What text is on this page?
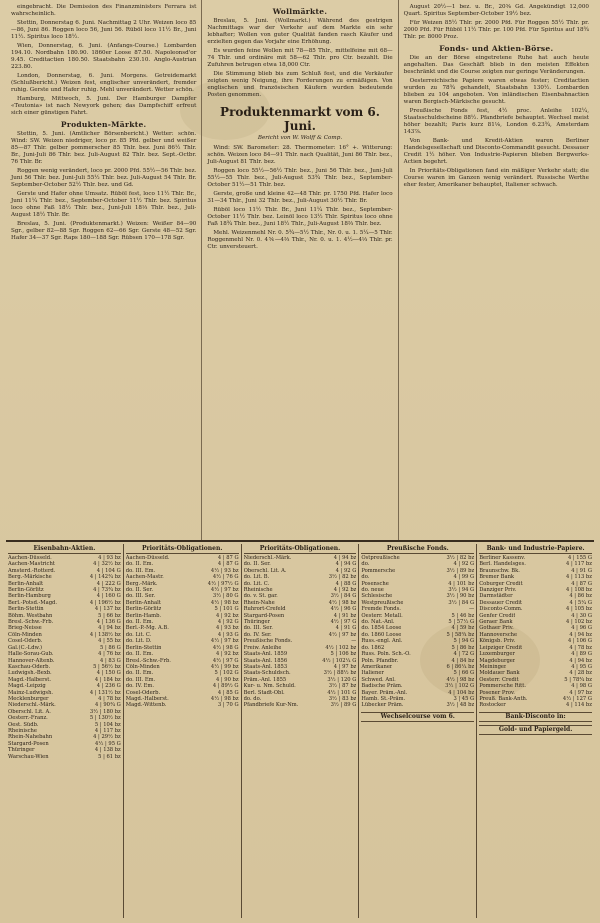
eingebracht. Die Demission des Finanzministers Ferrara ist wahrscheinlich.

Stettin, Donnerstag 6. Juni. Nachmittag 2 Uhr. Weizen loco 85—86, Juni 86. Roggen loco 56, Juni 56. Rüböl loco 11½ Br., Juni 11½. Spiritus loco 18½.

Wien, Donnerstag, 6. Juni. (Anfangs-Course.) Lombarden 194.10. Nordbahn 180.90. 1860er Loose 87.50. Napoleonsd'or 9.45. Creditactien 180.50. Staatsbahn 230.10. Anglo-Austrian 223.80.

London, Donnerstag, 6. Juni. Morgens. Getreidemarkt (Schlußbericht.) Weizen fest, englischer unverändert, fremder ruhig. Gerste und Hafer ruhig. Mehl unverändert. Wetter schön.

Hamburg, Mittwoch, 5. Juni. Der Hamburger Dampfer «Teutonia» ist nach Newyork gehen; das Dampfschiff erfreut sich einer günstigen Fahrt.

Produkten-Märkte.

Stettin, 5. Juni. (Amtlicher Börsenbericht.) Wetter: schön. Wind: SW. Weizen niedriger, loco pr. 85 Pfd. gelber und weißer 85—87 Thlr. gelber pommerscher 85 Thlr. bez. Juni 86½ Thlr. Br., Juni-Juli 86 Thlr. bez. Juli-August 82 Thlr. bez. Sept.-Octbr. 76 Thlr. Br.

Roggen wenig verändert, loco pr. 2000 Pfd. 55½—56 Thlr. bez. Juni 56 Thlr. bez. Juni-Juli 55½ Thlr. bez. Juli-August 54 Thlr. Br. September-October 52½ Thlr. bez. und Gd.

Gerste und Hafer ohne Umsatz. Rüböl fest, loco 11½ Thlr. Br., Juni 11¼ Thlr. bez., September-October 11½ Thlr. bez. Spiritus loco ohne Faß 18½ Thlr. bez., Juni-Juli 18⅓ Thlr. bez., Juli-August 18½ Thlr. Br.

Breslau, 5. Juni. (Produktenmarkt.) Weizen: Weißer 84—90 Sgr., gelber 82—88 Sgr. Roggen 62—66 Sgr. Gerste 48—52 Sgr. Hafer 34—37 Sgr. Raps 180—188 Sgr. Rübsen 170—178 Sgr.

Wollmärkte.

Breslau, 5. Juni. (Wollmarkt.) Während des gestrigen Nachmittags war der Verkehr auf dem Markte ein sehr lebhafter; Wollen von guter Qualität fanden rasch Käufer und erzielten gegen das Vorjahr eine Erhöhung.

Es wurden feine Wollen mit 78—85 Thlr., mittelfeine mit 68—74 Thlr. und ordinäre mit 58—62 Thlr. pro Ctr. bezahlt. Die Zufuhren betrugen etwa 18,000 Ctr.

Die Stimmung blieb bis zum Schluß fest, und die Verkäufer zeigten wenig Neigung, ihre Forderungen zu ermäßigen. Von englischen und französischen Käufern wurden bedeutende Posten genommen.

Produktenmarkt vom 6. Juni.
Bericht von W. Wolff & Comp.

Wind: SW. Barometer: 28. Thermometer: 16° +. Witterung: schön. Weizen loco 84—91 Thlr. nach Qualität, Juni 86 Thlr. bez., Juli-August 81 Thlr. bez.

Roggen loco 55½—56½ Thlr. bez., Juni 56 Thlr. bez., Juni-Juli 55½—55 Thlr. bez., Juli-August 53¾ Thlr. bez., September-October 51½—51 Thlr. bez.

Gerste, große und kleine 42—48 Thlr. pr. 1750 Pfd. Hafer loco 31—34 Thlr., Juni 32 Thlr. bez., Juli-August 30½ Thlr. Br.

Rüböl loco 11½ Thlr. Br., Juni 11¼ Thlr. bez., September-October 11½ Thlr. bez. Leinöl loco 13½ Thlr. Spiritus loco ohne Faß 18¾ Thlr. bez., Juni 18½ Thlr., Juli-August 18⅔ Thlr. bez.

Mehl. Weizenmehl Nr. 0. 5¾—5½ Thlr., Nr. 0. u. 1. 5¼—5 Thlr. Roggenmehl Nr. 0. 4⅚—4⅔ Thlr., Nr. 0. u. 1. 4½—4⅓ Thlr. pr. Ctr. unversteuert.

August 20½—1 bez. u. Br., 20⅜ Gd. Angekündigt 12,000 Quart. Spiritus September-October 19½ bez.

Für Weizen 85½ Thlr. pr. 2000 Pfd. Für Roggen 55½ Thlr. pr. 2000 Pfd. Für Rüböl 11½ Thlr. pr. 100 Pfd. Für Spiritus auf 18¾ Thlr. pr. 8000 Proz.

Fonds- und Aktien-Börse.

Die an der Börse eingetretene Ruhe hat auch heute angehalten. Das Geschäft blieb in den meisten Effekten beschränkt und die Course zeigten nur geringe Veränderungen.

Oesterreichische Papiere waren etwas fester; Creditactien wurden zu 78¾ gehandelt, Staatsbahn 130½. Lombarden blieben zu 104 angeboten. Von inländischen Eisenbahnactien waren Bergisch-Märkische gesucht.

Preußische Fonds fest, 4½ proc. Anleihe 102¼, Staatsschuldscheine 88½. Pfandbriefe behauptet. Wechsel meist höher bezahlt; Paris kurz 81⅛, London 6.23¾, Amsterdam 143⅞.

Von Bank- und Kredit-Aktien waren Berliner Handelsgesellschaft und Disconto-Commandit gesucht. Dessauer Credit 1½ höher. Von Industrie-Papieren blieben Bergwerks-Actien begehrt.

In Prioritäts-Obligationen fand ein mäßiger Verkehr statt; die Course waren im Ganzen wenig verändert. Russische Werthe eher fester, Amerikaner behauptet, Italiener schwach.

Eisenbahn-Aktien.
Aachen-Düsseld.	4 | 93 bz
Aachen-Mastricht	4 | 32½ bz
Amsterd.-Rotterd.	4 | 104 G
Berg.-Märkische	4 | 142¾ bz
Berlin-Anhalt	4 | 222 G
Berlin-Görlitz	4 | 73¾ bz
Berlin-Hamburg	4 | 160 G
Berl.-Potsd.-Magd.	4 | 196½ bz
Berlin-Stettin	4 | 137 bz
Böhm. Westbahn	5 | 66 bz
Bresl.-Schw.-Frb.	4 | 136 G
Brieg-Neisse	4 | 94 bz
Cöln-Minden	4 | 138½ bz
Cosel-Oderb.	4 | 55 bz
Gal.(C.-Ldw.)	5 | 86 G
Halle-Sorau-Gub.	4 | 76 bz
Hannover-Altenb.	4 | 83 G
Kaschau-Oderb.	5 | 56½ bz
Ludwigsh.-Bexb.	4 | 150 G
Magd.-Halberst.	4 | 184 bz
Magd.-Leipzig	4 | 236 G
Mainz-Ludwigsh.	4 | 131½ bz
Mecklenburger	4 | 78 bz
Niederschl.-Märk.	4 | 90¾ G
Oberschl. Lit. A.	3½ | 180 bz
Oesterr.-Franz.	5 | 130½ bz
Oest. Südb.	5 | 104 bz
Rheinische	4 | 117 bz
Rhein-Nahebahn	4 | 29½ bz
Stargard-Posen	4½ | 95 G
Thüringer	4 | 138 bz
Warschau-Wien	5 | 61 bz
Prioritäts-Obligationen.
Aachen-Düsseld.	4 | 87 G
do. II. Em.	4 | 87 G
do. III. Em.	4½ | 93 bz
Aachen-Mastr.	4½ | 76 G
Berg.-Märk.	4½ | 97½ G
do. II. Ser.	4½ | 97 bz
do. III. Ser.	3½ | 80 G
Berlin-Anhalt	4½ | 98 bz
Berlin-Görlitz	5 | 101 G
Berlin-Hamb.	4 | 92 bz
do. II. Em.	4 | 92 G
Berl.-P.-Mg. A.B.	4 | 93 bz
do. Lit. C.	4 | 93 G
do. Lit. D.	4½ | 97 bz
Berlin-Stettin	4½ | 98 G
do. II. Em.	4 | 92 bz
Bresl.-Schw.-Frb.	4½ | 97 G
Cöln-Minden	4½ | 99 bz
do. II. Em.	5 | 102 G
do. III. Em.	4 | 90 bz
do. IV. Em.	4 | 89½ G
Cosel-Oderb.	4 | 85 G
Magd.-Halberst.	4½ | 98 bz
Magd.-Wittenb.	3 | 70 G
Prioritäts-Obligationen.
Niederschl.-Märk.	4 | 94 bz
do. II. Ser.	4 | 94 G
Oberschl. Lit. A.	4 | 92 G
do. Lit. B.	3½ | 82 bz
do. Lit. C.	4 | 88 G
Rheinische	4 | 92 bz
do. v. St. gar.	3½ | 84 G
Rhein-Nahe	4½ | 98 bz
Ruhrort-Crefeld	4½ | 96 G
Stargard-Posen	4 | 91 bz
Thüringer	4½ | 97 G
do. III. Ser.	4 | 91 G
do. IV. Ser.	4½ | 97 bz
Preußische Fonds.	—
Freiw. Anleihe	4½ | 102 bz
Staats-Anl. 1859	5 | 106 bz
Staats-Anl. 1856	4½ | 102¼ G
Staats-Anl. 1853	4 | 97 bz
Staats-Schuldsch.	3½ | 88½ bz
Präm.-Anl. 1855	3½ | 120 G
Kur- u. Nm. Schuld.	3½ | 87 bz
Berl. Stadt-Obl.	4½ | 101 G
do. do.	3½ | 83 bz
Pfandbriefe Kur-Nm.	3½ | 89 G
Preußische Fonds.
Ostpreußische	3½ | 82 bz
do.	4 | 92 G
Pommersche	3½ | 89 bz
do.	4 | 99 G
Posensche	4 | 101 bz
do. neue	3½ | 94 G
Schlesische	3½ | 90 bz
Westpreußische	3½ | 84 G
Fremde Fonds.	—
Oesterr. Metall.	5 | 46 bz
do. Nat.-Anl.	5 | 57½ G
do. 1854 Loose	4 | 59 bz
do. 1860 Loose	5 | 58¾ bz
Russ.-engl. Anl.	5 | 94 G
do. 1862	5 | 86 bz
Russ. Poln. Sch.-O.	4 | 72 G
Poln. Pfandbr.	4 | 84 bz
Amerikaner	6 | 86¼ bz
Italiener	5 | 66 G
Schwed. Anl.	4½ | 98 bz
Badische Präm.	3½ | 102 G
Bayer. Präm.-Anl.	4 | 104 bz
Hamb. St.-Präm.	3 | 45 G
Lübecker Präm.	3½ | 48 bz
Wechselcourse vom 6.
Bank- und Industrie-Papiere.
Berliner Kassenv.	4 | 155 G
Berl. Handelsges.	4 | 117 bz
Braunschw. Bk.	4 | 91 G
Bremer Bank	4 | 113 bz
Coburger Credit	4 | 87 G
Danziger Priv.	4 | 108 bz
Darmstädter	4 | 86 bz
Dessauer Credit	4 | 5¼ G
Disconto-Comm.	4 | 105 bz
Genfer Credit	4 | 30 G
Geraer Bank	4 | 102 bz
Gothaer Priv.	4 | 96 G
Hannoversche	4 | 94 bz
Königsb. Priv.	4 | 106 G
Leipziger Credit	4 | 78 bz
Luxemburger	4 | 89 G
Magdeburger	4 | 94 bz
Meininger	4 | 95 G
Moldauer Bank	4 | 28 bz
Oesterr. Credit	5 | 78¾ bz
Pommersche Ritt.	4 | 98 G
Posener Prov.	4 | 97 bz
Preuß. Bank-Anth.	4½ | 127 G
Rostocker	4 | 114 bz
Bank-Disconto in:
Gold- und Papiergeld.
